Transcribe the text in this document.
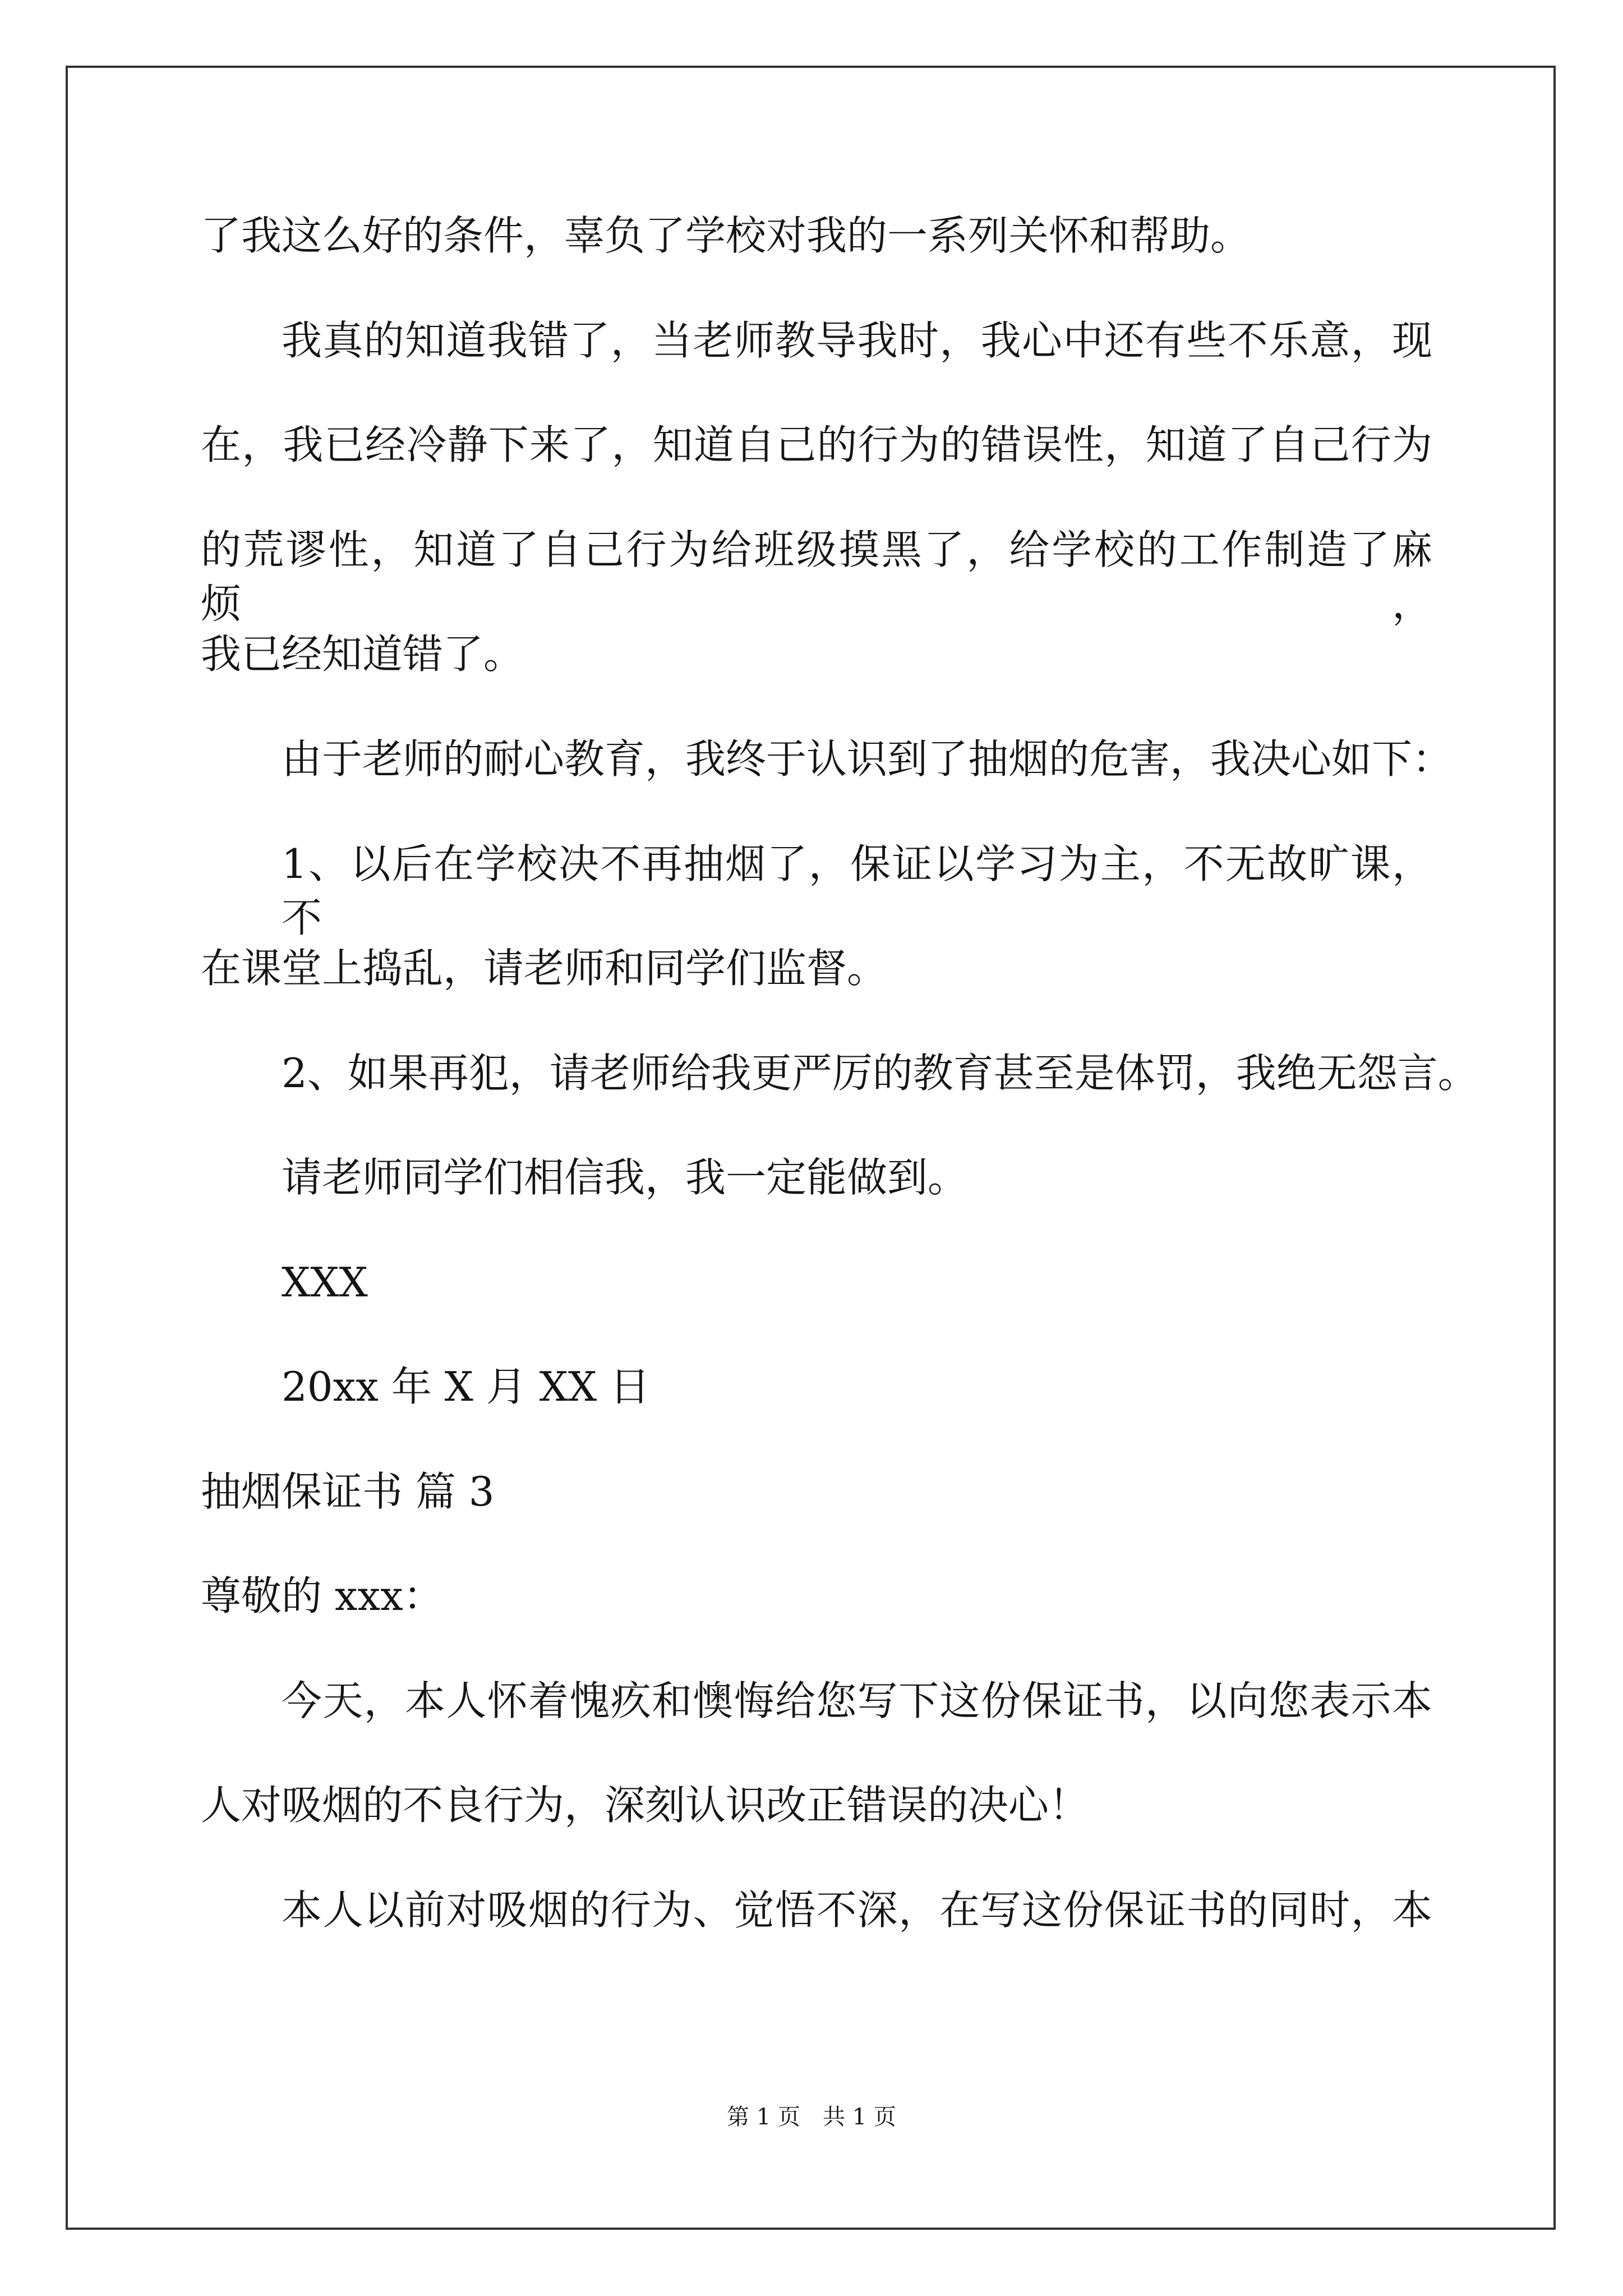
了我这么好的条件，辜负了学校对我的一系列关怀和帮助。

我真的知道我错了，当老师教导我时，我心中还有些不乐意，现

在，我已经冷静下来了，知道自己的行为的错误性，知道了自己行为

的荒谬性，知道了自己行为给班级摸黑了，给学校的工作制造了麻烦，

我已经知道错了。

由于老师的耐心教育，我终于认识到了抽烟的危害，我决心如下：

1、以后在学校决不再抽烟了，保证以学习为主，不无故旷课，不

在课堂上捣乱，请老师和同学们监督。

2、如果再犯，请老师给我更严厉的教育甚至是体罚，我绝无怨言。

请老师同学们相信我，我一定能做到。

XXX

20xx 年 X 月 XX 日

抽烟保证书 篇 3

尊敬的 xxx：

今天，本人怀着愧疚和懊悔给您写下这份保证书，以向您表示本

人对吸烟的不良行为，深刻认识改正错误的决心！

本人以前对吸烟的行为、觉悟不深，在写这份保证书的同时，本

第 1 页　共 1 页
